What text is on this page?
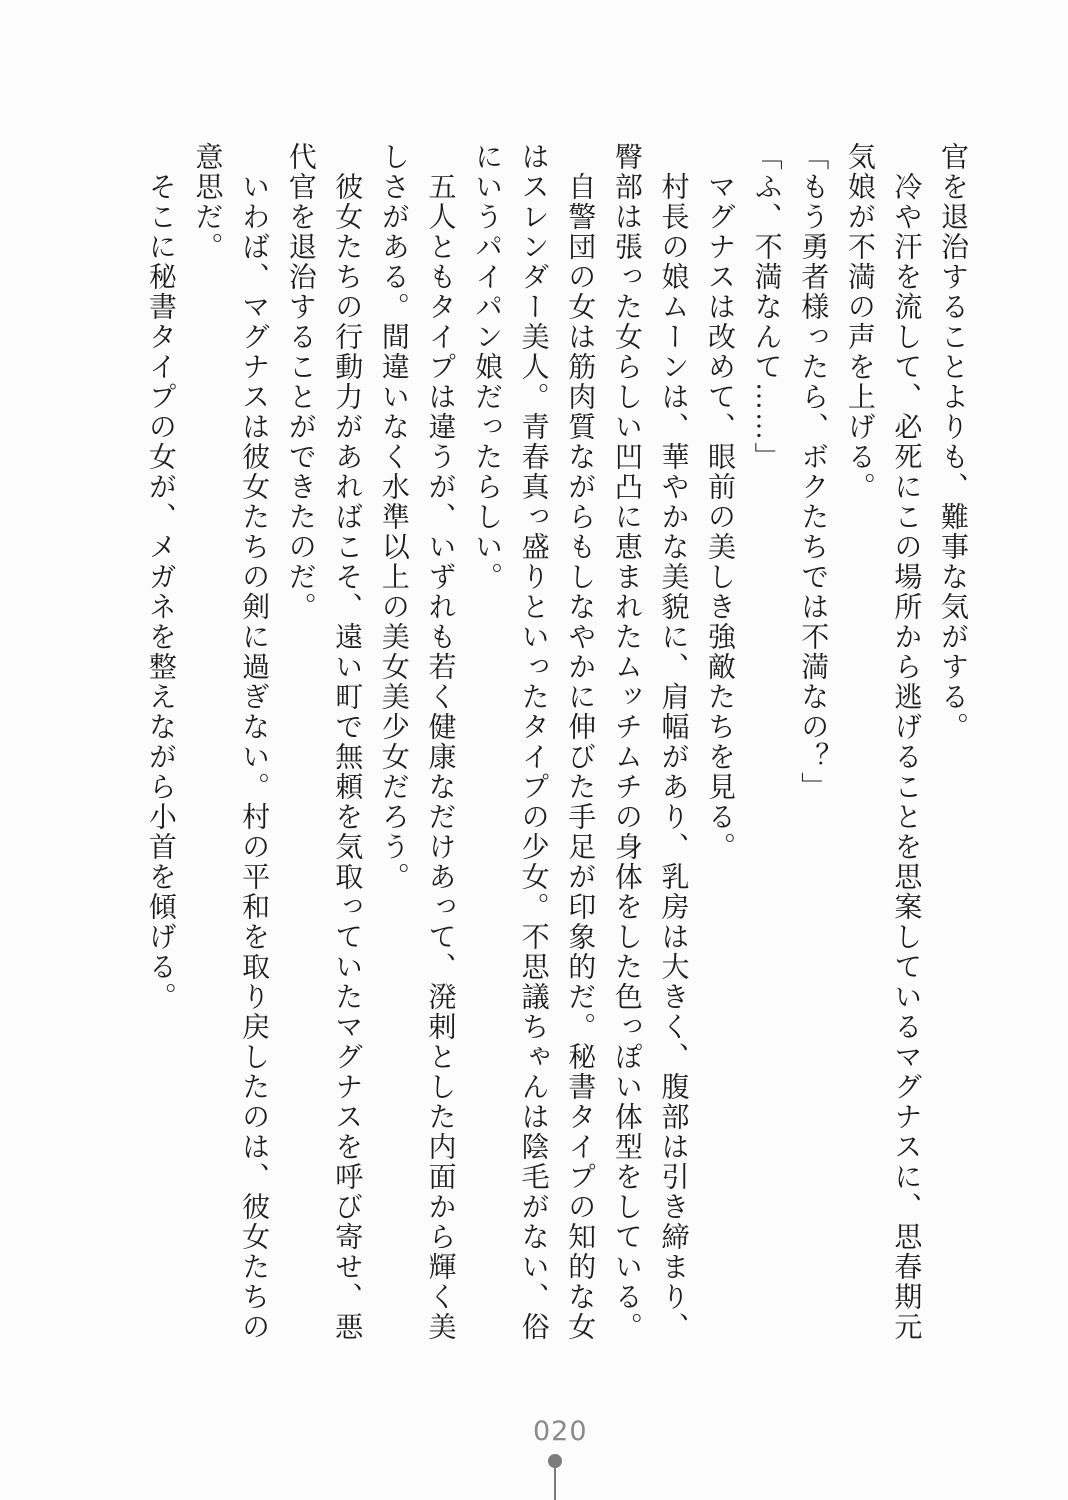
官を退治することよりも、難事な気がする。
　冷や汗を流して、必死にこの場所から逃げることを思案しているマグナスに、思春期元
気娘が不満の声を上げる。
「もう勇者様ったら、ボクたちでは不満なの？」
「ふ、不満なんて……」
　マグナスは改めて、眼前の美しき強敵たちを見る。
　村長の娘ムーンは、華やかな美貌に、肩幅があり、乳房は大きく、腹部は引き締まり、
臀部は張った女らしい凹凸に恵まれたムッチムチの身体をした色っぽい体型をしている。
　自警団の女は筋肉質ながらもしなやかに伸びた手足が印象的だ。秘書タイプの知的な女
はスレンダー美人。青春真っ盛りといったタイプの少女。不思議ちゃんは陰毛がない、俗
にいうパイパン娘だったらしい。
　五人ともタイプは違うが、いずれも若く健康なだけあって、溌剌とした内面から輝く美
しさがある。間違いなく水準以上の美女美少女だろう。
　彼女たちの行動力があればこそ、遠い町で無頼を気取っていたマグナスを呼び寄せ、悪
代官を退治することができたのだ。
　いわば、マグナスは彼女たちの剣に過ぎない。村の平和を取り戻したのは、彼女たちの
意思だ。
　そこに秘書タイプの女が、メガネを整えながら小首を傾げる。
020
